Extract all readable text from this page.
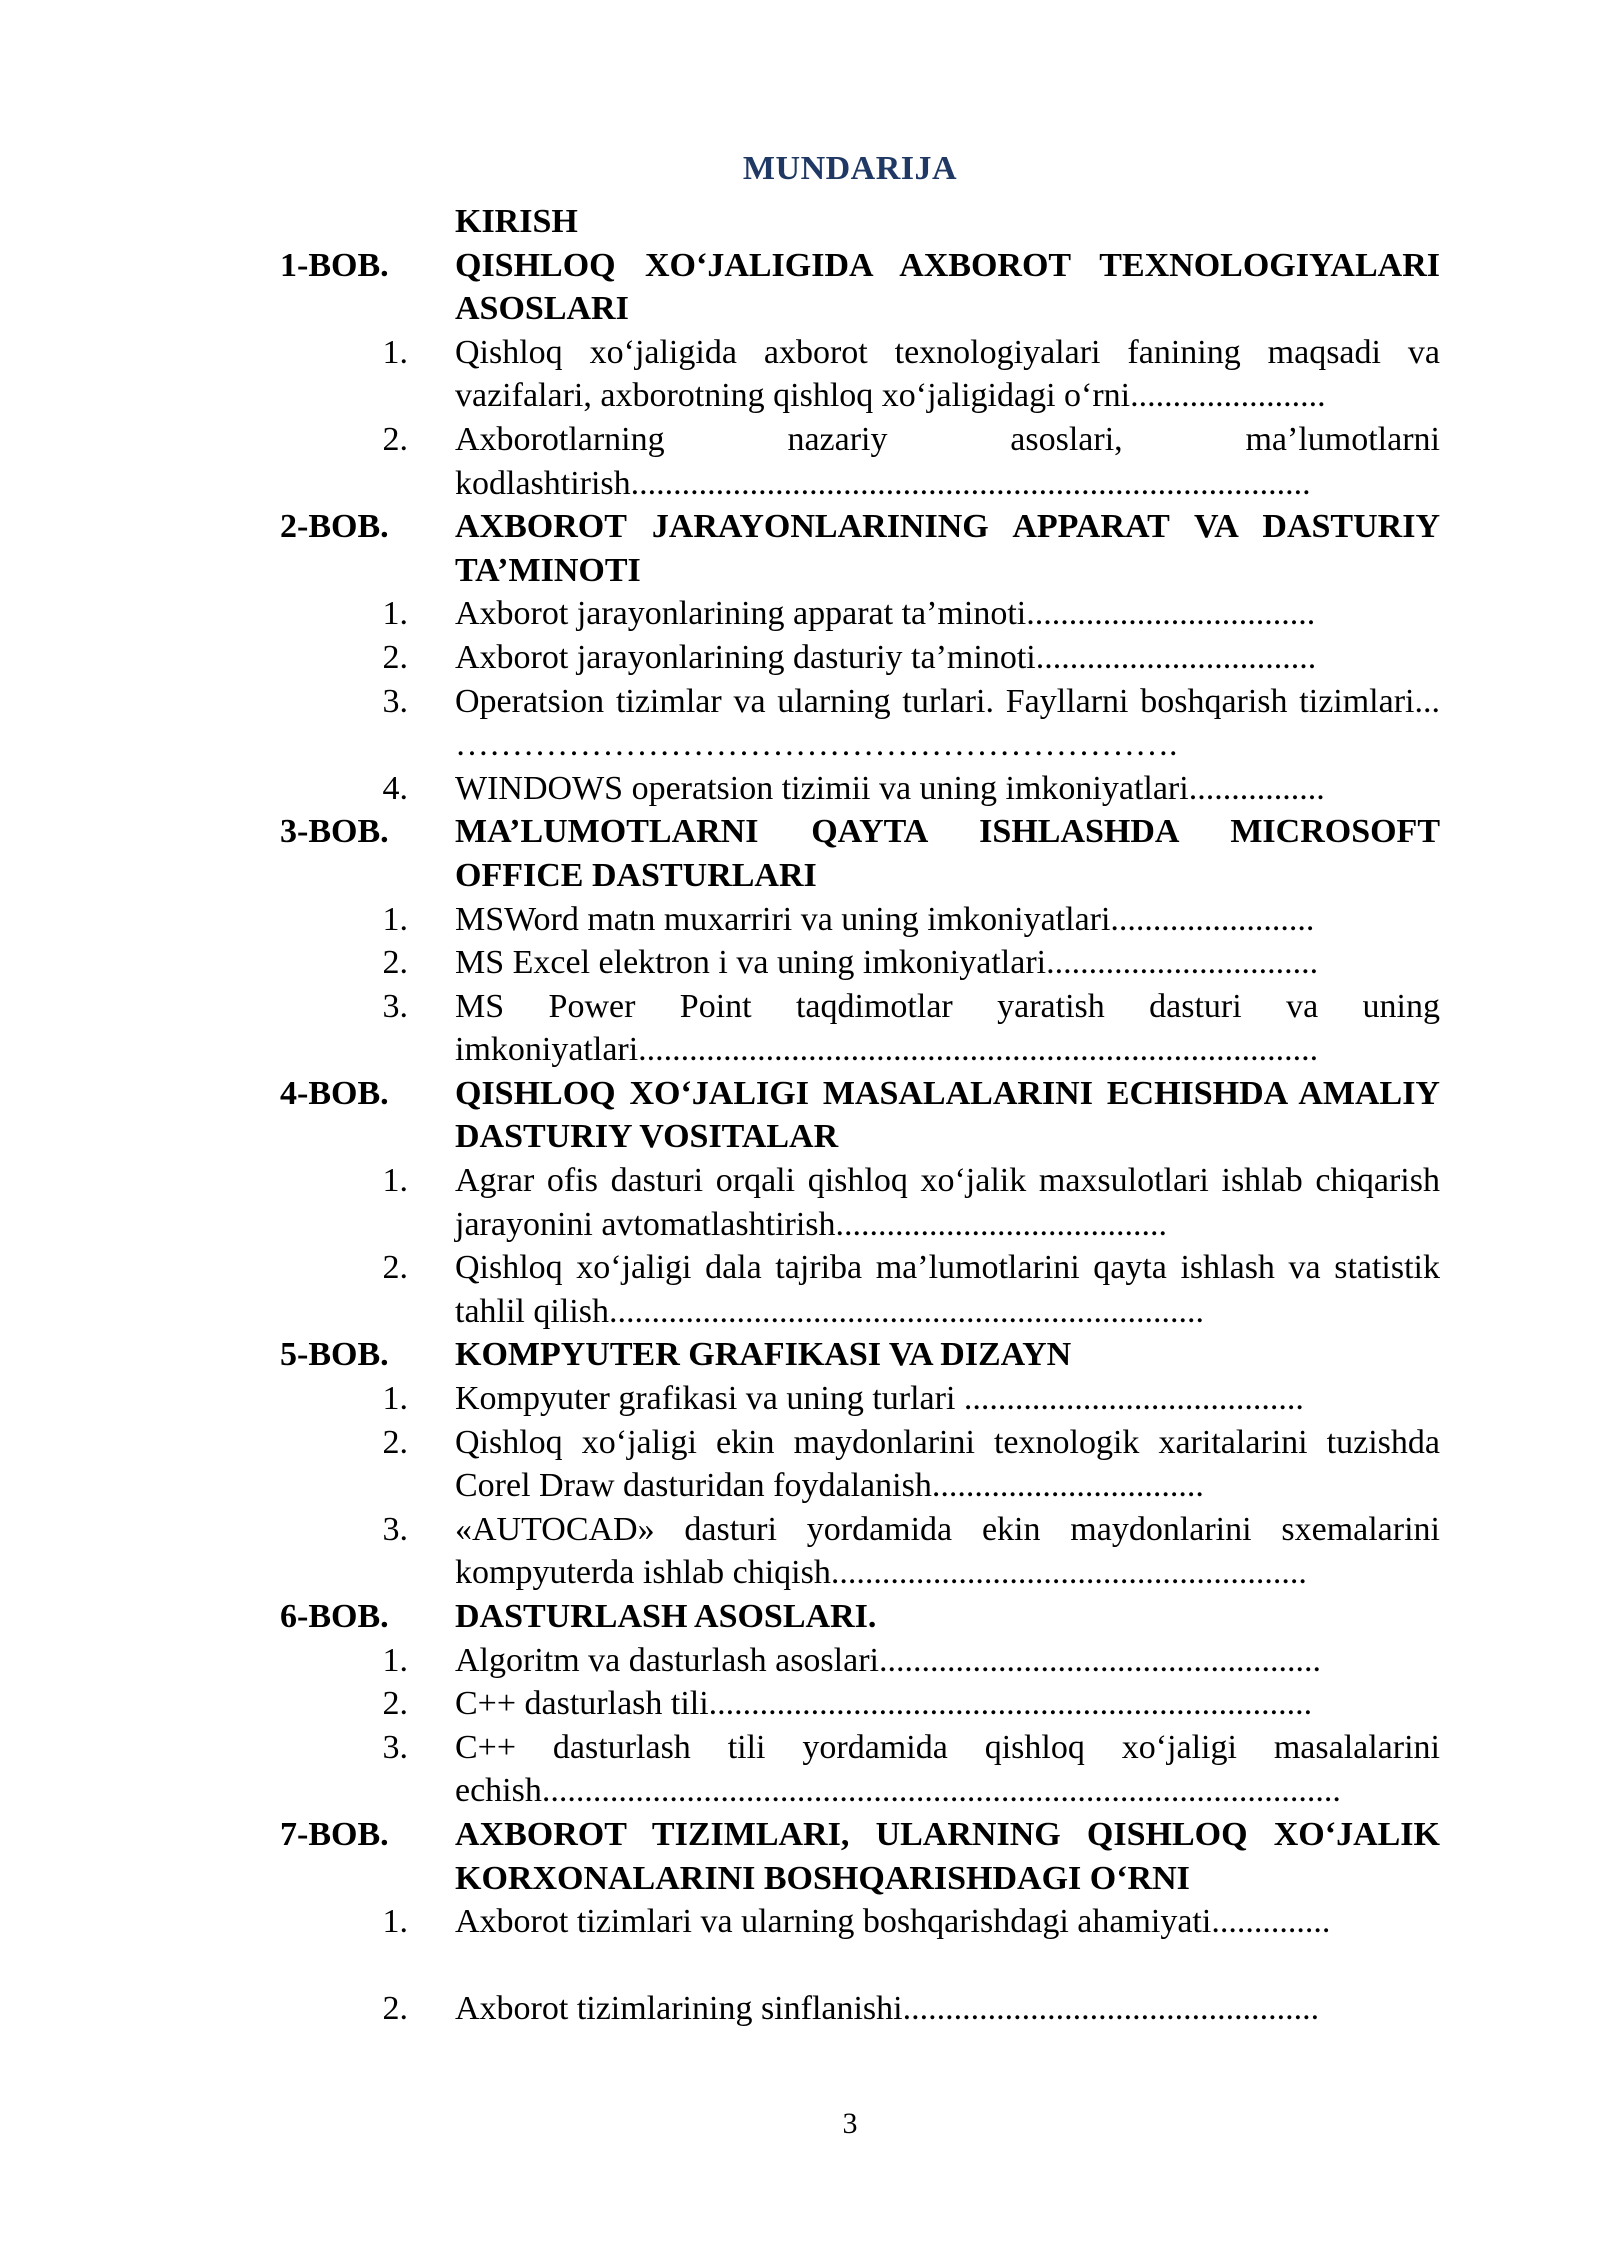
MUNDARIJA
KIRISH
1-BOB.	QISHLOQ XO‘JALIGIDA AXBOROT TEXNOLOGIYALARI ASOSLARI
1.	Qishloq xo‘jaligida axborot texnologiyalari fanining maqsadi va vazifalari, axborotning qishloq xo‘jaligidagi o‘rni.......................
2.	Axborotlarning nazariy asoslari, ma’lumotlarni kodlashtirish................................................................................
2-BOB.	AXBOROT JARAYONLARINING APPARAT VA DASTURIY TA’MINOTI
1.	Axborot jarayonlarining apparat ta’minoti..................................
2.	Axborot jarayonlarining dasturiy ta’minoti.................................
3.	Operatsion tizimlar va ularning turlari. Fayllarni boshqarish tizimlari... ……………………………………………………….
4.	WINDOWS operatsion tizimii va uning imkoniyatlari................
3-BOB.	MA’LUMOTLARNI QAYTA ISHLASHDA MICROSOFT OFFICE DASTURLARI
1.	MSWord matn muxarriri va uning imkoniyatlari........................
2.	MS Excel elektron i va uning imkoniyatlari................................
3.	MS Power Point taqdimotlar yaratish dasturi va uning imkoniyatlari................................................................................
4-BOB.	QISHLOQ XO‘JALIGI MASALALARINI ECHISHDA AMALIY DASTURIY VOSITALAR
1.	Agrar ofis dasturi orqali qishloq xo‘jalik maxsulotlari ishlab chiqarish jarayonini avtomatlashtirish.......................................
2.	Qishloq xo‘jaligi dala tajriba ma’lumotlarini qayta ishlash va statistik tahlil qilish......................................................................
5-BOB.	KOMPYUTER GRAFIKASI VA DIZAYN
1.	Kompyuter grafikasi va uning turlari ........................................
2.	Qishloq xo‘jaligi ekin maydonlarini texnologik xaritalarini tuzishda Corel Draw dasturidan foydalanish................................
3.	«AUTOCAD» dasturi yordamida ekin maydonlarini sxemalarini kompyuterda ishlab chiqish........................................................
6-BOB.	DASTURLASH ASOSLARI.
1.	Algoritm va dasturlash asoslari....................................................
2.	C++ dasturlash tili.......................................................................
3.	C++ dasturlash tili yordamida qishloq xo‘jaligi masalalarini echish..............................................................................................
7-BOB.	AXBOROT TIZIMLARI, ULARNING QISHLOQ XO‘JALIK KORXONALARINI BOSHQARISHDAGI O‘RNI
1.	Axborot tizimlari va ularning boshqarishdagi ahamiyati..............
2.	Axborot tizimlarining sinflanishi.................................................
3
